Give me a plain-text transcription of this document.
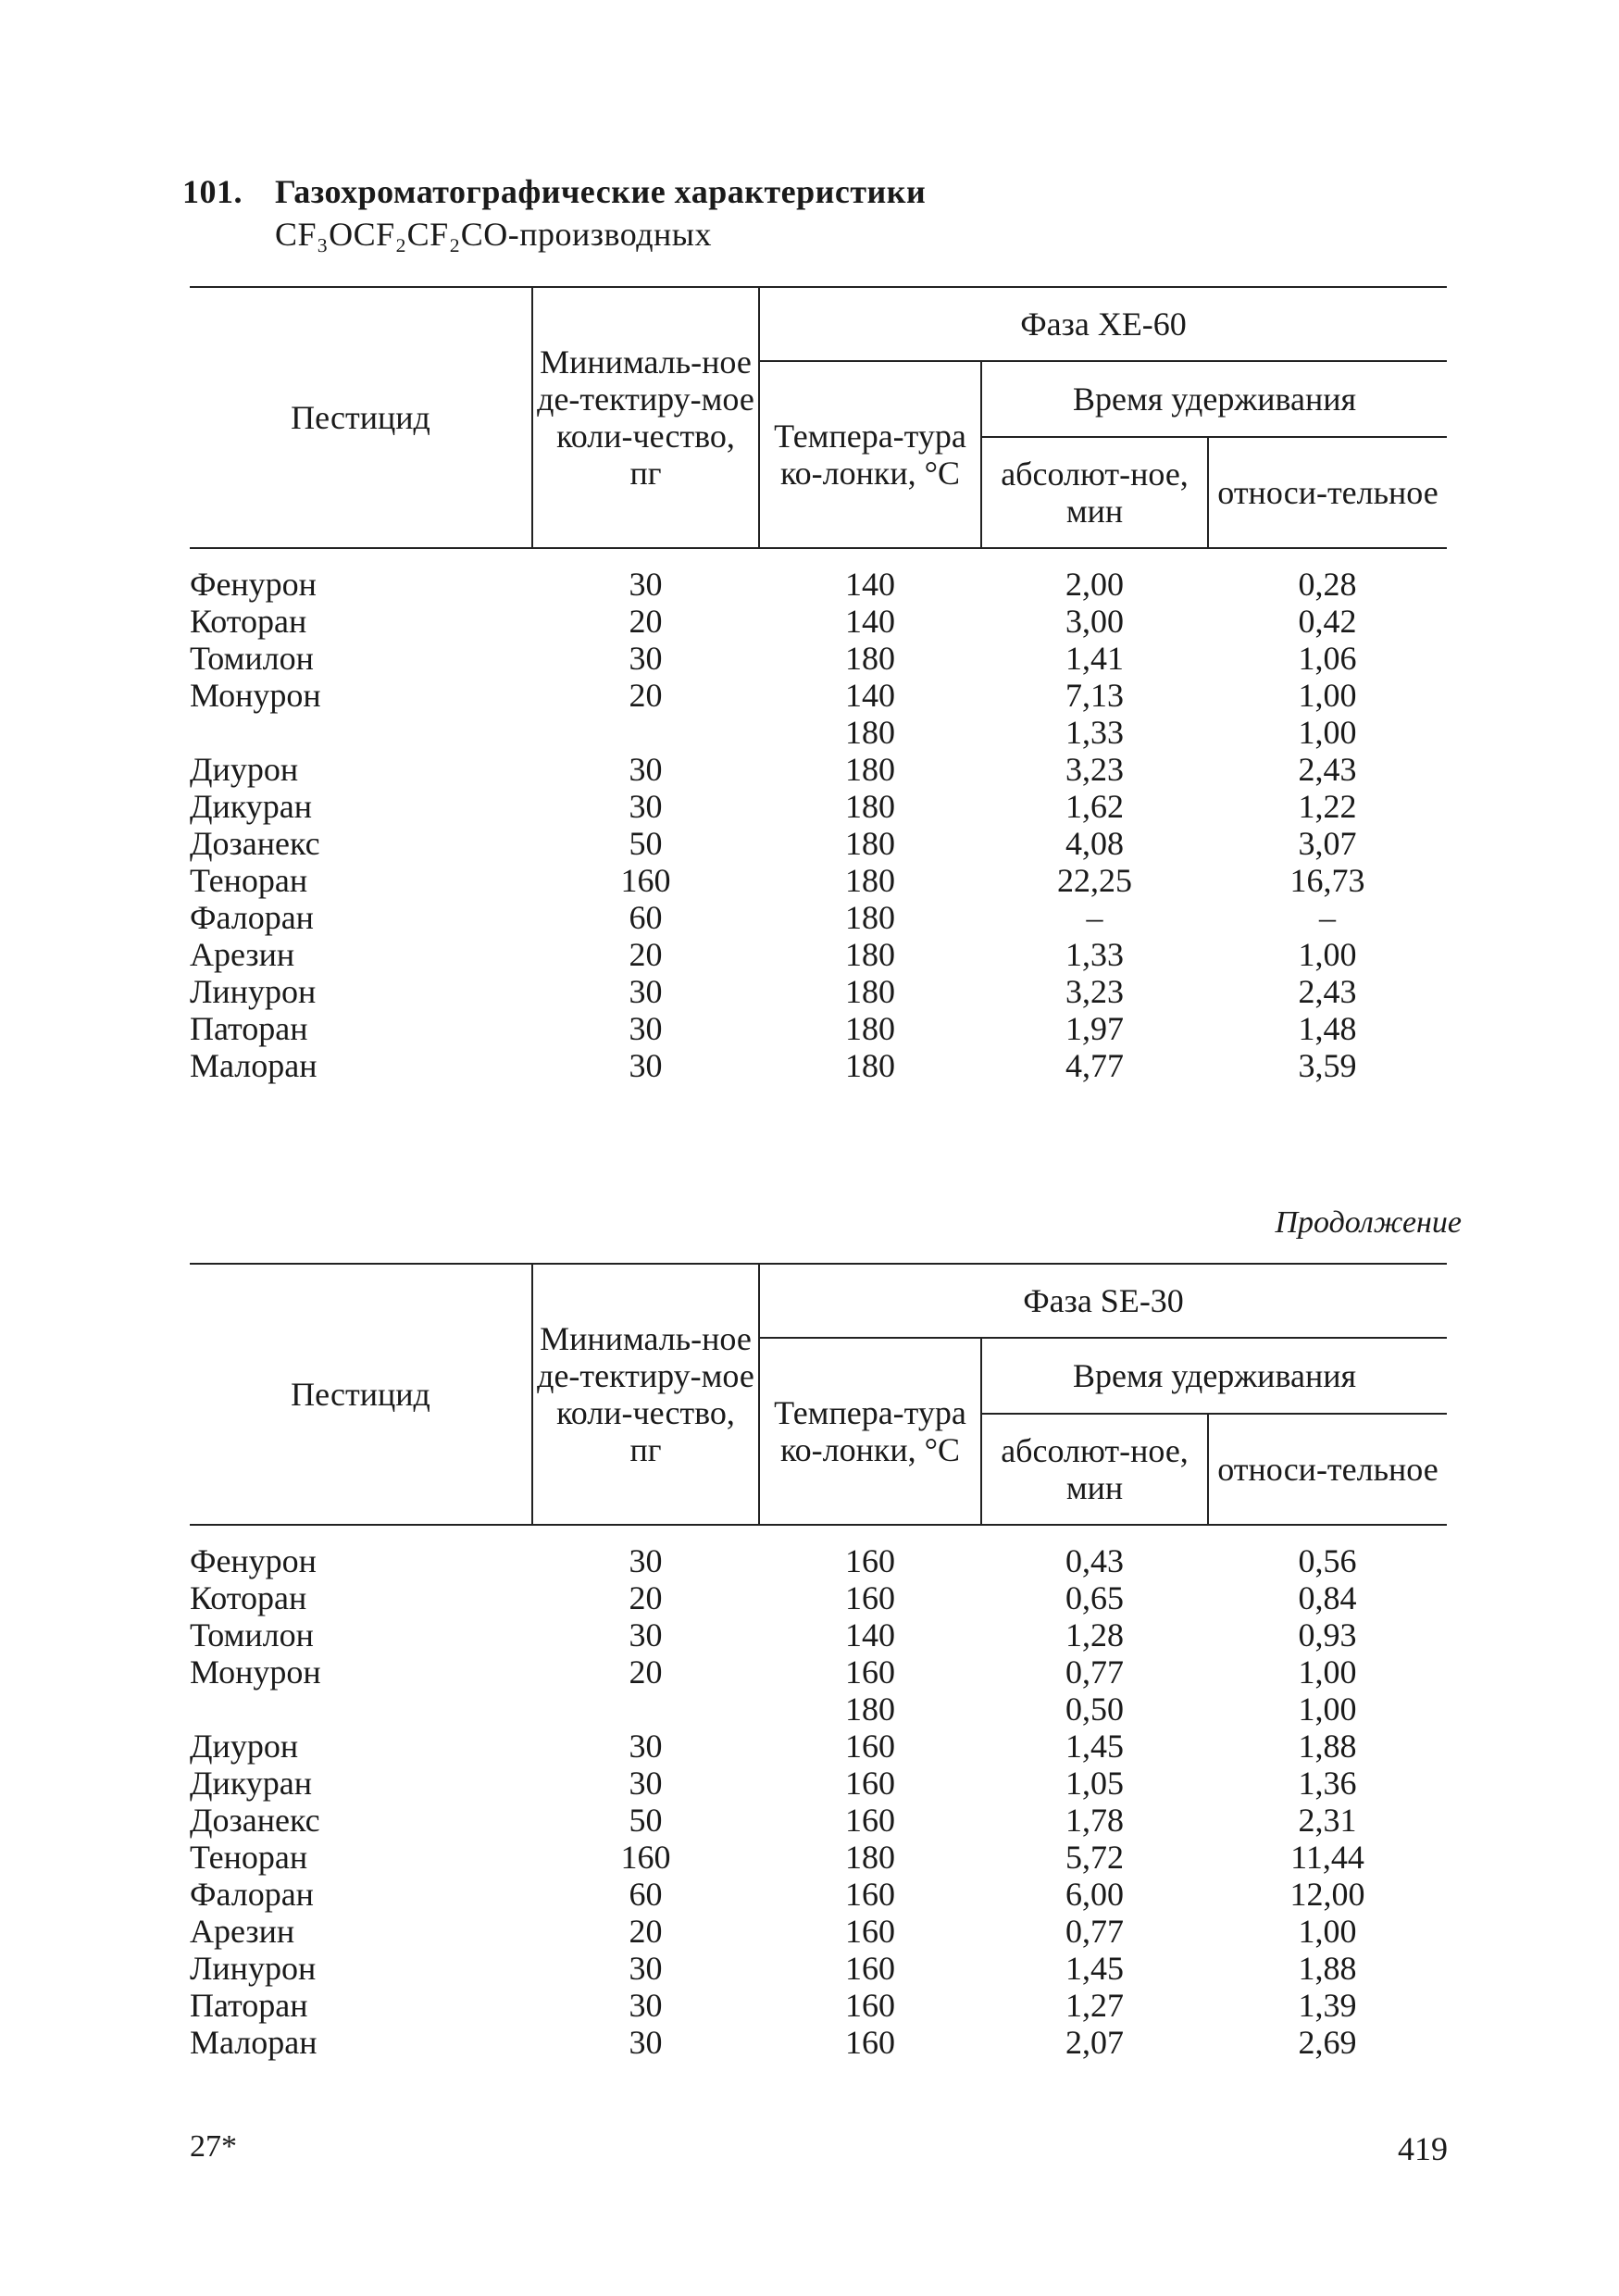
101. Газохроматографические характеристики
CF₃OCF₂CF₂CO-производных
Пестицид	Минималь-ное де-тектиру-мое коли-чество, пг	Фаза XE-60		
		Темпера-тура ко-лонки, °С	Время удерживания	
			абсолют-ное, мин	относи-тельное
Фенурон	30	140	2,00	0,28
Которан	20	140	3,00	0,42
Томилон	30	180	1,41	1,06
Монурон	20	140	7,13	1,00
		180	1,33	1,00
Диурон	30	180	3,23	2,43
Дикуран	30	180	1,62	1,22
Дозанекс	50	180	4,08	3,07
Теноран	160	180	22,25	16,73
Фалоран	60	180	–	–
Арезин	20	180	1,33	1,00
Линурон	30	180	3,23	2,43
Паторан	30	180	1,97	1,48
Малоран	30	180	4,77	3,59
Продолжение
Пестицид	Минималь-ное де-тектиру-мое коли-чество, пг	Фаза SE-30		
		Темпера-тура ко-лонки, °С	Время удерживания	
			абсолют-ное, мин	относи-тельное
Фенурон	30	160	0,43	0,56
Которан	20	160	0,65	0,84
Томилон	30	140	1,28	0,93
Монурон	20	160	0,77	1,00
		180	0,50	1,00
Диурон	30	160	1,45	1,88
Дикуран	30	160	1,05	1,36
Дозанекс	50	160	1,78	2,31
Теноран	160	180	5,72	11,44
Фалоран	60	160	6,00	12,00
Арезин	20	160	0,77	1,00
Линурон	30	160	1,45	1,88
Паторан	30	160	1,27	1,39
Малоран	30	160	2,07	2,69
27*	419
